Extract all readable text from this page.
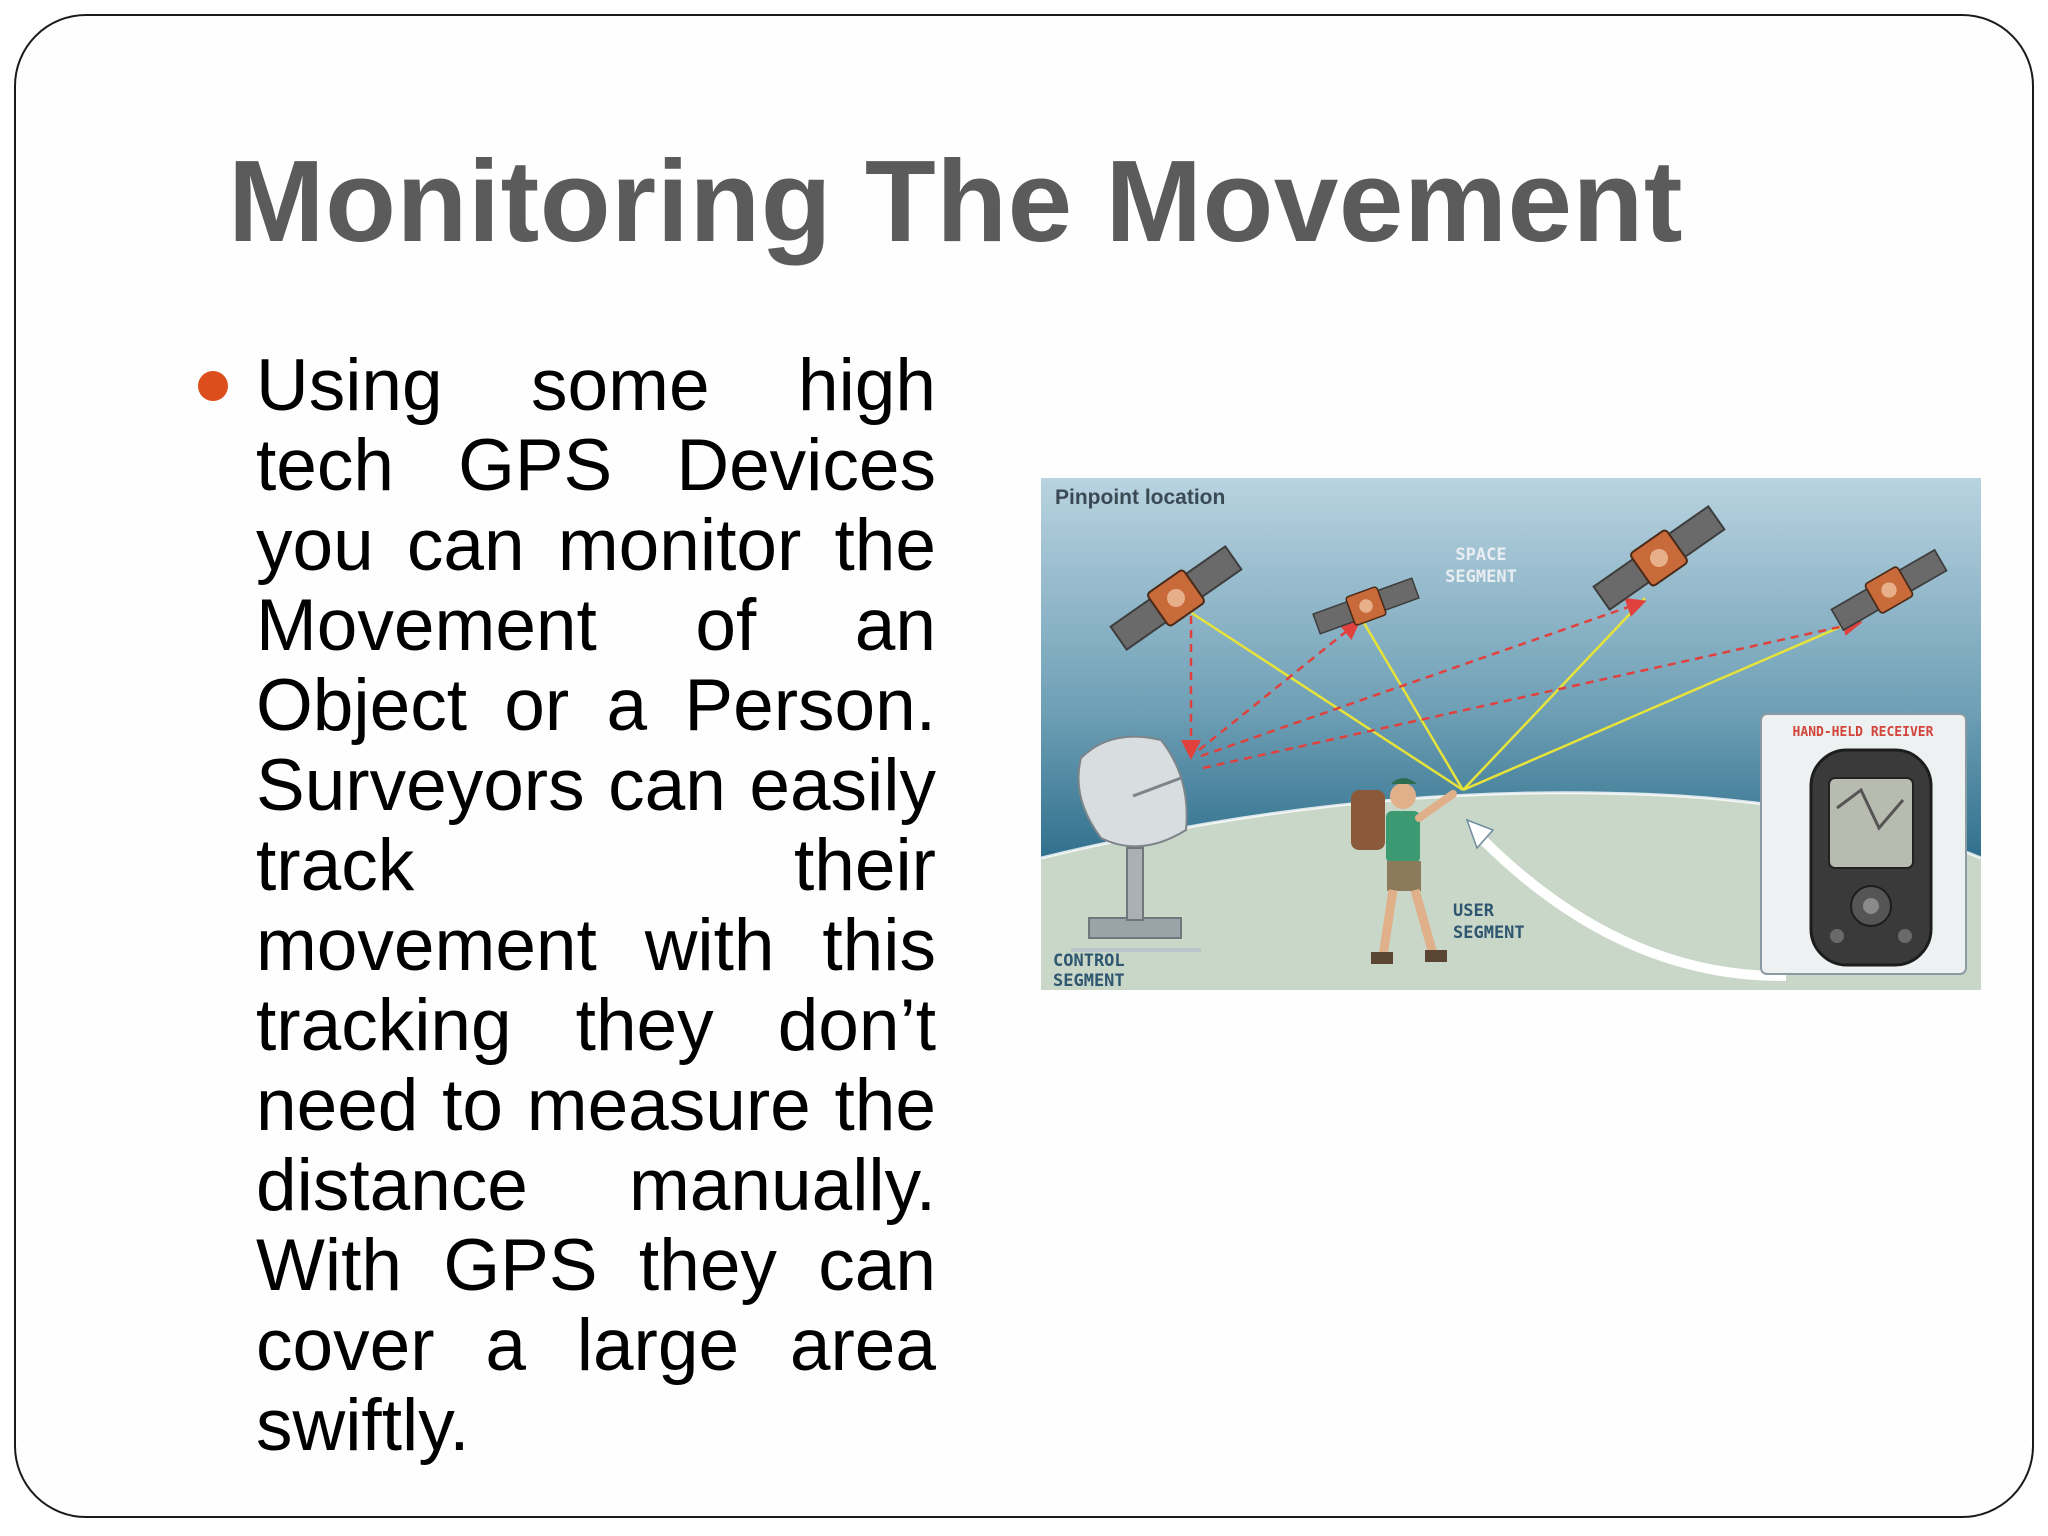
Monitoring The Movement
Using some high tech GPS Devices you can monitor the Movement of an Object or a Person. Surveyors can easily track their movement with this tracking they don’t need to measure the distance manually. With GPS they can cover a large area swiftly.
Pinpoint location
SPACE
SEGMENT
HAND-HELD RECEIVER
USER
SEGMENT
CONTROL
SEGMENT
